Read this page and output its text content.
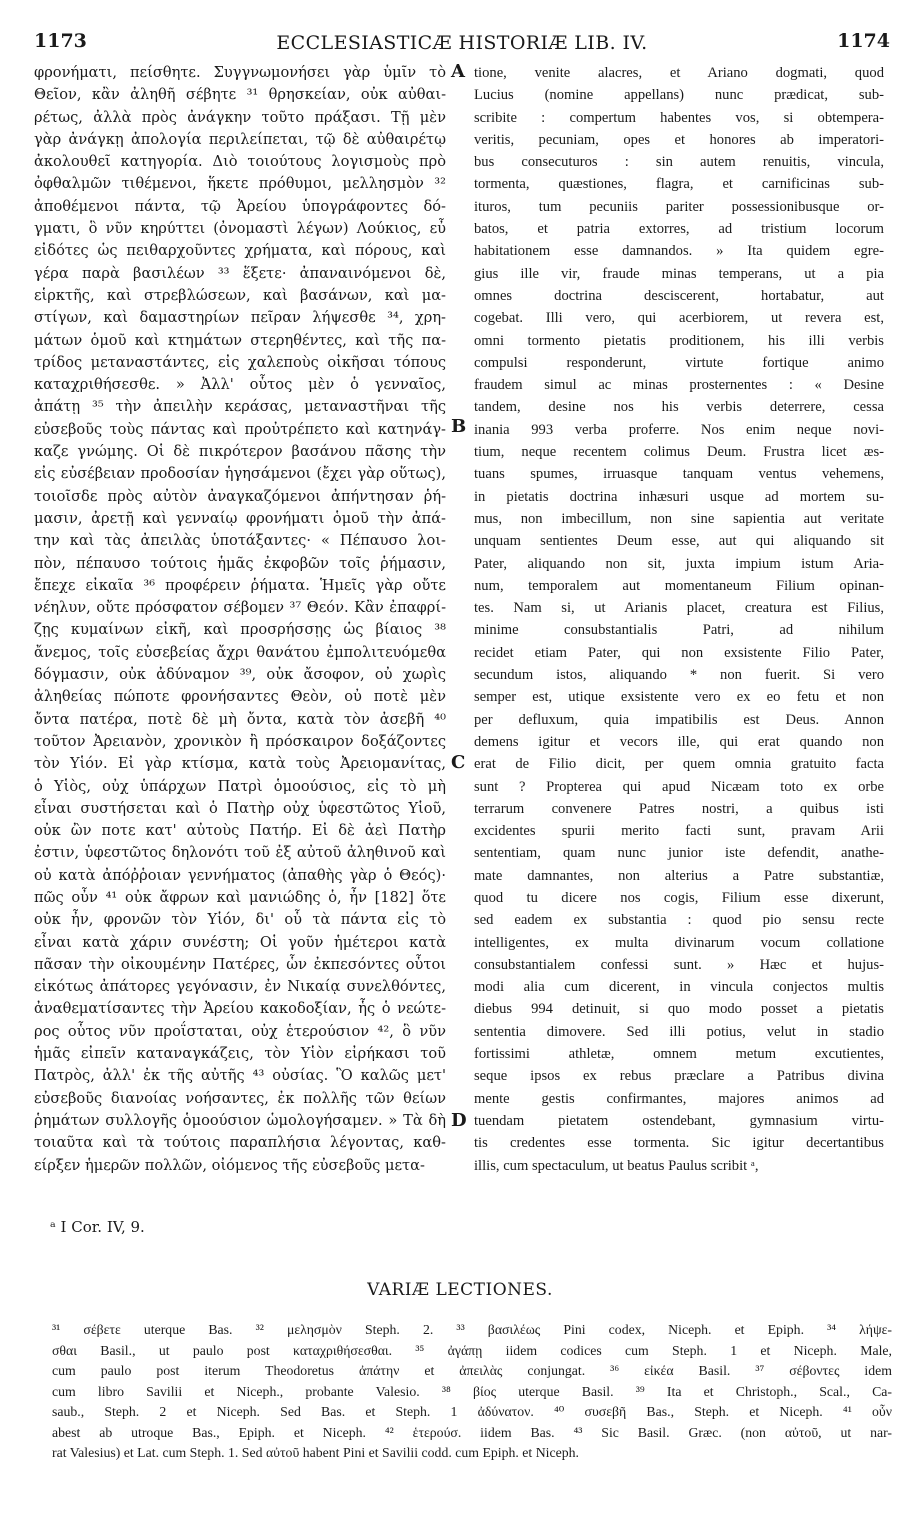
1173	ECCLESIASTICÆ HISTORIÆ LIB. IV.	1174
φρονήματι, πείσθητε. Συγγνωμονήσει γὰρ ὑμῖν τὸ
Θεῖον, κἂν ἀληθῆ σέβητε ³¹ θρησκείαν, οὐκ αὐθαι-
ρέτως, ἀλλὰ πρὸς ἀνάγκην τοῦτο πράξασι. Τῇ μὲν
γὰρ ἀνάγκῃ ἀπολογία περιλείπεται, τῷ δὲ αὐθαιρέτῳ
ἀκολουθεῖ κατηγορία. Διὸ τοιούτους λογισμοὺς πρὸ
ὀφθαλμῶν τιθέμενοι, ἥκετε πρόθυμοι, μελλησμὸν ³²
ἀποθέμενοι πάντα, τῷ Ἀρείου ὑπογράφοντες δό-
γματι, ὃ νῦν κηρύττει (ὀνομαστὶ λέγων) Λούκιος, εὖ
εἰδότες ὡς πειθαρχοῦντες χρήματα, καὶ πόρους, καὶ
γέρα παρὰ βασιλέων ³³ ἕξετε· ἀπαναινόμενοι δὲ,
εἱρκτῆς, καὶ στρεβλώσεων, καὶ βασάνων, καὶ μα-
στίγων, καὶ δαμαστηρίων πεῖραν λήψεσθε ³⁴, χρη-
μάτων ὁμοῦ καὶ κτημάτων στερηθέντες, καὶ τῆς πα-
τρίδος μεταναστάντες, εἰς χαλεποὺς οἰκῆσαι τόπους
καταχριθήσεσθε. » Ἀλλ' οὗτος μὲν ὁ γενναῖος,
ἀπάτῃ ³⁵ τὴν ἀπειλὴν κεράσας, μεταναστῆναι τῆς
εὐσεβοῦς τοὺς πάντας καὶ προὐτρέπετο καὶ κατηνάγ-
καζε γνώμης. Οἱ δὲ πικρότερον βασάνου πᾶσης τὴν
εἰς εὐσέβειαν προδοσίαν ἡγησάμενοι (ἔχει γὰρ οὕτως),
τοιοῖσδε πρὸς αὐτὸν ἀναγκαζόμενοι ἀπήντησαν ῥή-
μασιν, ἀρετῇ καὶ γενναίῳ φρονήματι ὁμοῦ τὴν ἀπά-
την καὶ τὰς ἀπειλὰς ὑποτάξαντες· « Πέπαυσο λοι-
πὸν, πέπαυσο τούτοις ἡμᾶς ἐκφοβῶν τοῖς ῥήμασιν,
ἔπεχε εἰκαῖα ³⁶ προφέρειν ῥήματα. Ἡμεῖς γὰρ οὔτε
νέηλυν, οὔτε πρόσφατον σέβομεν ³⁷ Θεόν. Κἂν ἐπαφρί-
ζῃς κυμαίνων εἰκῆ, καὶ προσρήσσῃς ὡς βίαιος ³⁸
ἄνεμος, τοῖς εὐσεβείας ἄχρι θανάτου ἐμπολιτευόμεθα
δόγμασιν, οὐκ ἀδύναμον ³⁹, οὐκ ἄσοφον, οὐ χωρὶς
ἀληθείας πώποτε φρονήσαντες Θεὸν, οὐ ποτὲ μὲν
ὄντα πατέρα, ποτὲ δὲ μὴ ὄντα, κατὰ τὸν ἀσεβῆ ⁴⁰
τοῦτον Ἀρειανὸν, χρονικὸν ἢ πρόσκαιρον δοξάζοντες
τὸν Υἱόν. Εἰ γὰρ κτίσμα, κατὰ τοὺς Ἀρειομανίτας,
ὁ Υἱὸς, οὐχ ὑπάρχων Πατρὶ ὁμοούσιος, εἰς τὸ μὴ
εἶναι συστήσεται καὶ ὁ Πατὴρ οὐχ ὑφεστῶτος Υἱοῦ,
οὐκ ὢν ποτε κατ' αὐτοὺς Πατήρ. Εἰ δὲ ἀεὶ Πατὴρ
ἐστιν, ὑφεστῶτος δηλονότι τοῦ ἐξ αὐτοῦ ἀληθινοῦ καὶ
οὐ κατὰ ἀπόῤῥοιαν γεννήματος (ἀπαθὴς γὰρ ὁ Θεός)·
πῶς οὖν ⁴¹ οὐκ ἄφρων καὶ μανιώδης ὁ, ἦν [182] ὅτε
οὐκ ἦν, φρονῶν τὸν Υἱόν, δι' οὗ τὰ πάντα εἰς τὸ
εἶναι κατὰ χάριν συνέστη; Οἱ γοῦν ἡμέτεροι κατὰ
πᾶσαν τὴν οἰκουμένην Πατέρες, ὧν ἐκπεσόντες οὗτοι
εἰκότως ἀπάτορες γεγόνασιν, ἐν Νικαίᾳ συνελθόντες,
ἀναθεματίσαντες τὴν Ἀρείου κακοδοξίαν, ἧς ὁ νεώτε-
ρος οὗτος νῦν προΐσταται, οὐχ ἑτερούσιον ⁴², ὃ νῦν
ἡμᾶς εἰπεῖν καταναγκάζεις, τὸν Υἱὸν εἰρήκασι τοῦ
Πατρὸς, ἀλλ' ἐκ τῆς αὐτῆς ⁴³ οὐσίας. Ὃ καλῶς μετ'
εὐσεβοῦς διανοίας νοήσαντες, ἐκ πολλῆς τῶν θείων
ῥημάτων συλλογῆς ὁμοούσιον ὡμολογήσαμεν. » Τὰ δὴ
τοιαῦτα καὶ τὰ τούτοις παραπλήσια λέγοντας, καθ-
είρξεν ἡμερῶν πολλῶν, οἰόμενος τῆς εὐσεβοῦς μετα-
tione, venite alacres, et Ariano dogmati, quod
Lucius (nomine appellans) nunc prædicat, sub-
scribite : compertum habentes vos, si obtempera-
veritis, pecuniam, opes et honores ab imperatori-
bus consecuturos : sin autem renuitis, vincula,
tormenta, quæstiones, flagra, et carnificinas sub-
ituros, tum pecuniis pariter possessionibusque or-
batos, et patria extorres, ad tristium locorum
habitationem esse damnandos. » Ita quidem egre-
gius ille vir, fraude minas temperans, ut a pia
omnes doctrina desciscerent, hortabatur, aut
cogebat. Illi vero, qui acerbiorem, ut revera est,
omni tormento pietatis proditionem, his illi verbis
compulsi responderunt, virtute fortique animo
fraudem simul ac minas prosternentes : « Desine
tandem, desine nos his verbis deterrere, cessa
inania 993 verba proferre. Nos enim neque novi-
tium, neque recentem colimus Deum. Frustra licet æs-
tuans spumes, irruasque tanquam ventus vehemens,
in pietatis doctrina inhæsuri usque ad mortem su-
mus, non imbecillum, non sine sapientia aut veritate
unquam sentientes Deum esse, aut qui aliquando sit
Pater, aliquando non sit, juxta impium istum Aria-
num, temporalem aut momentaneum Filium opinan-
tes. Nam si, ut Arianis placet, creatura est Filius,
minime consubstantialis Patri, ad nihilum
recidet etiam Pater, qui non exsistente Filio Pater,
secundum istos, aliquando * non fuerit. Si vero
semper est, utique exsistente vero ex eo fetu et non
per defluxum, quia impatibilis est Deus. Annon
demens igitur et vecors ille, qui erat quando non
erat de Filio dicit, per quem omnia gratuito facta
sunt ? Propterea qui apud Nicæam toto ex orbe
terrarum convenere Patres nostri, a quibus isti
excidentes spurii merito facti sunt, pravam Arii
sententiam, quam nunc junior iste defendit, anathe-
mate damnantes, non alterius a Patre substantiæ,
quod tu dicere nos cogis, Filium esse dixerunt,
sed eadem ex substantia : quod pio sensu recte
intelligentes, ex multa divinarum vocum collatione
consubstantialem confessi sunt. » Hæc et hujus-
modi alia cum dicerent, in vincula conjectos multis
diebus 994 detinuit, si quo modo posset a pietatis
sententia dimovere. Sed illi potius, velut in stadio
fortissimi athletæ, omnem metum excutientes,
seque ipsos ex rebus præclare a Patribus divina
mente gestis confirmantes, majores animos ad
tuendam pietatem ostendebant, gymnasium virtu-
tis credentes esse tormenta. Sic igitur decertantibus
illis, cum spectaculum, ut beatus Paulus scribit ᵃ,
A
B
C
D
ᵃ I Cor. IV, 9.
VARIÆ LECTIONES.
³¹ σέβετε uterque Bas. ³² μελησμὸν Steph. 2. ³³ βασιλέως Pini codex, Niceph. et Epiph. ³⁴ λήψε-
σθαι Basil., ut paulo post καταχριθήσεσθαι. ³⁵ ἀγάπῃ iidem codices cum Steph. 1 et Niceph. Male,
cum paulo post iterum Theodoretus ἀπάτην et ἀπειλὰς conjungat. ³⁶ εἰκέα Basil. ³⁷ σέβοντες idem
cum libro Savilii et Niceph., probante Valesio. ³⁸ βίος uterque Basil. ³⁹ Ita et Christoph., Scal., Ca-
saub., Steph. 2 et Niceph. Sed Bas. et Steph. 1 ἀδύνατον. ⁴⁰ συσεβῆ Bas., Steph. et Niceph. ⁴¹ οὖν
abest ab utroque Bas., Epiph. et Niceph. ⁴² ἑτερούσ. iidem Bas. ⁴³ Sic Basil. Græc. (non αὐτοῦ, ut nar-
rat Valesius) et Lat. cum Steph. 1. Sed αὐτοῦ habent Pini et Savilii codd. cum Epiph. et Niceph.
